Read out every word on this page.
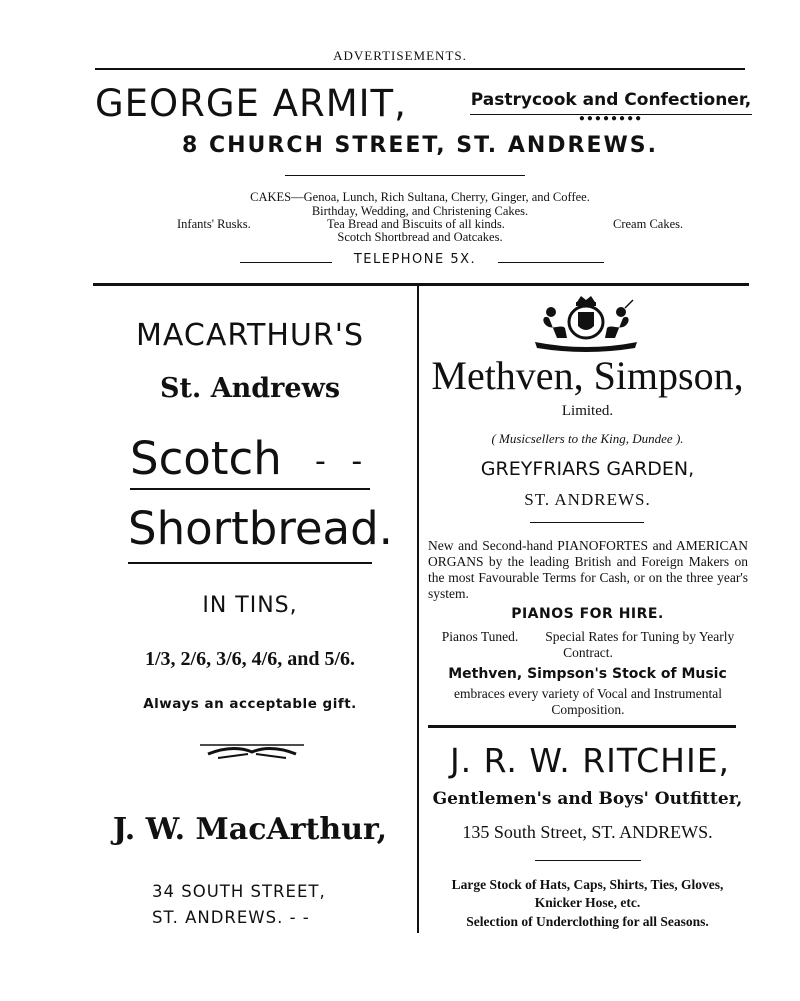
ADVERTISEMENTS.
GEORGE ARMIT,	Pastrycook and Confectioner,
●●●●●●●●
8 CHURCH STREET, ST. ANDREWS.
CAKES—Genoa, Lunch, Rich Sultana, Cherry, Ginger, and Coffee.
Birthday, Wedding, and Christening Cakes.
Infants' Rusks.	Tea Bread and Biscuits of all kinds.	Cream Cakes.
Scotch Shortbread and Oatcakes.
TELEPHONE 5X.
MACARTHUR'S
St. Andrews
Scotch - -
Shortbread.
IN TINS,
1/3, 2/6, 3/6, 4/6, and 5/6.
Always an acceptable gift.
J. W. MacArthur,
34 SOUTH STREET,
ST. ANDREWS. - -
Methven, Simpson,
Limited.
( Musicsellers to the King, Dundee ).
GREYFRIARS GARDEN,
ST. ANDREWS.
New and Second-hand PIANOFORTES and AMERICAN ORGANS by the leading British and Foreign Makers on the most Favourable Terms for Cash, or on the three year's system.
PIANOS FOR HIRE.
Pianos Tuned.        Special Rates for Tuning by Yearly Contract.
Methven, Simpson's Stock of Music
embraces every variety of Vocal and Instrumental Composition.
J. R. W. RITCHIE,
Gentlemen's and Boys' Outfitter,
135 South Street, ST. ANDREWS.
Large Stock of Hats, Caps, Shirts, Ties, Gloves,
Knicker Hose, etc.
Selection of Underclothing for all Seasons.
